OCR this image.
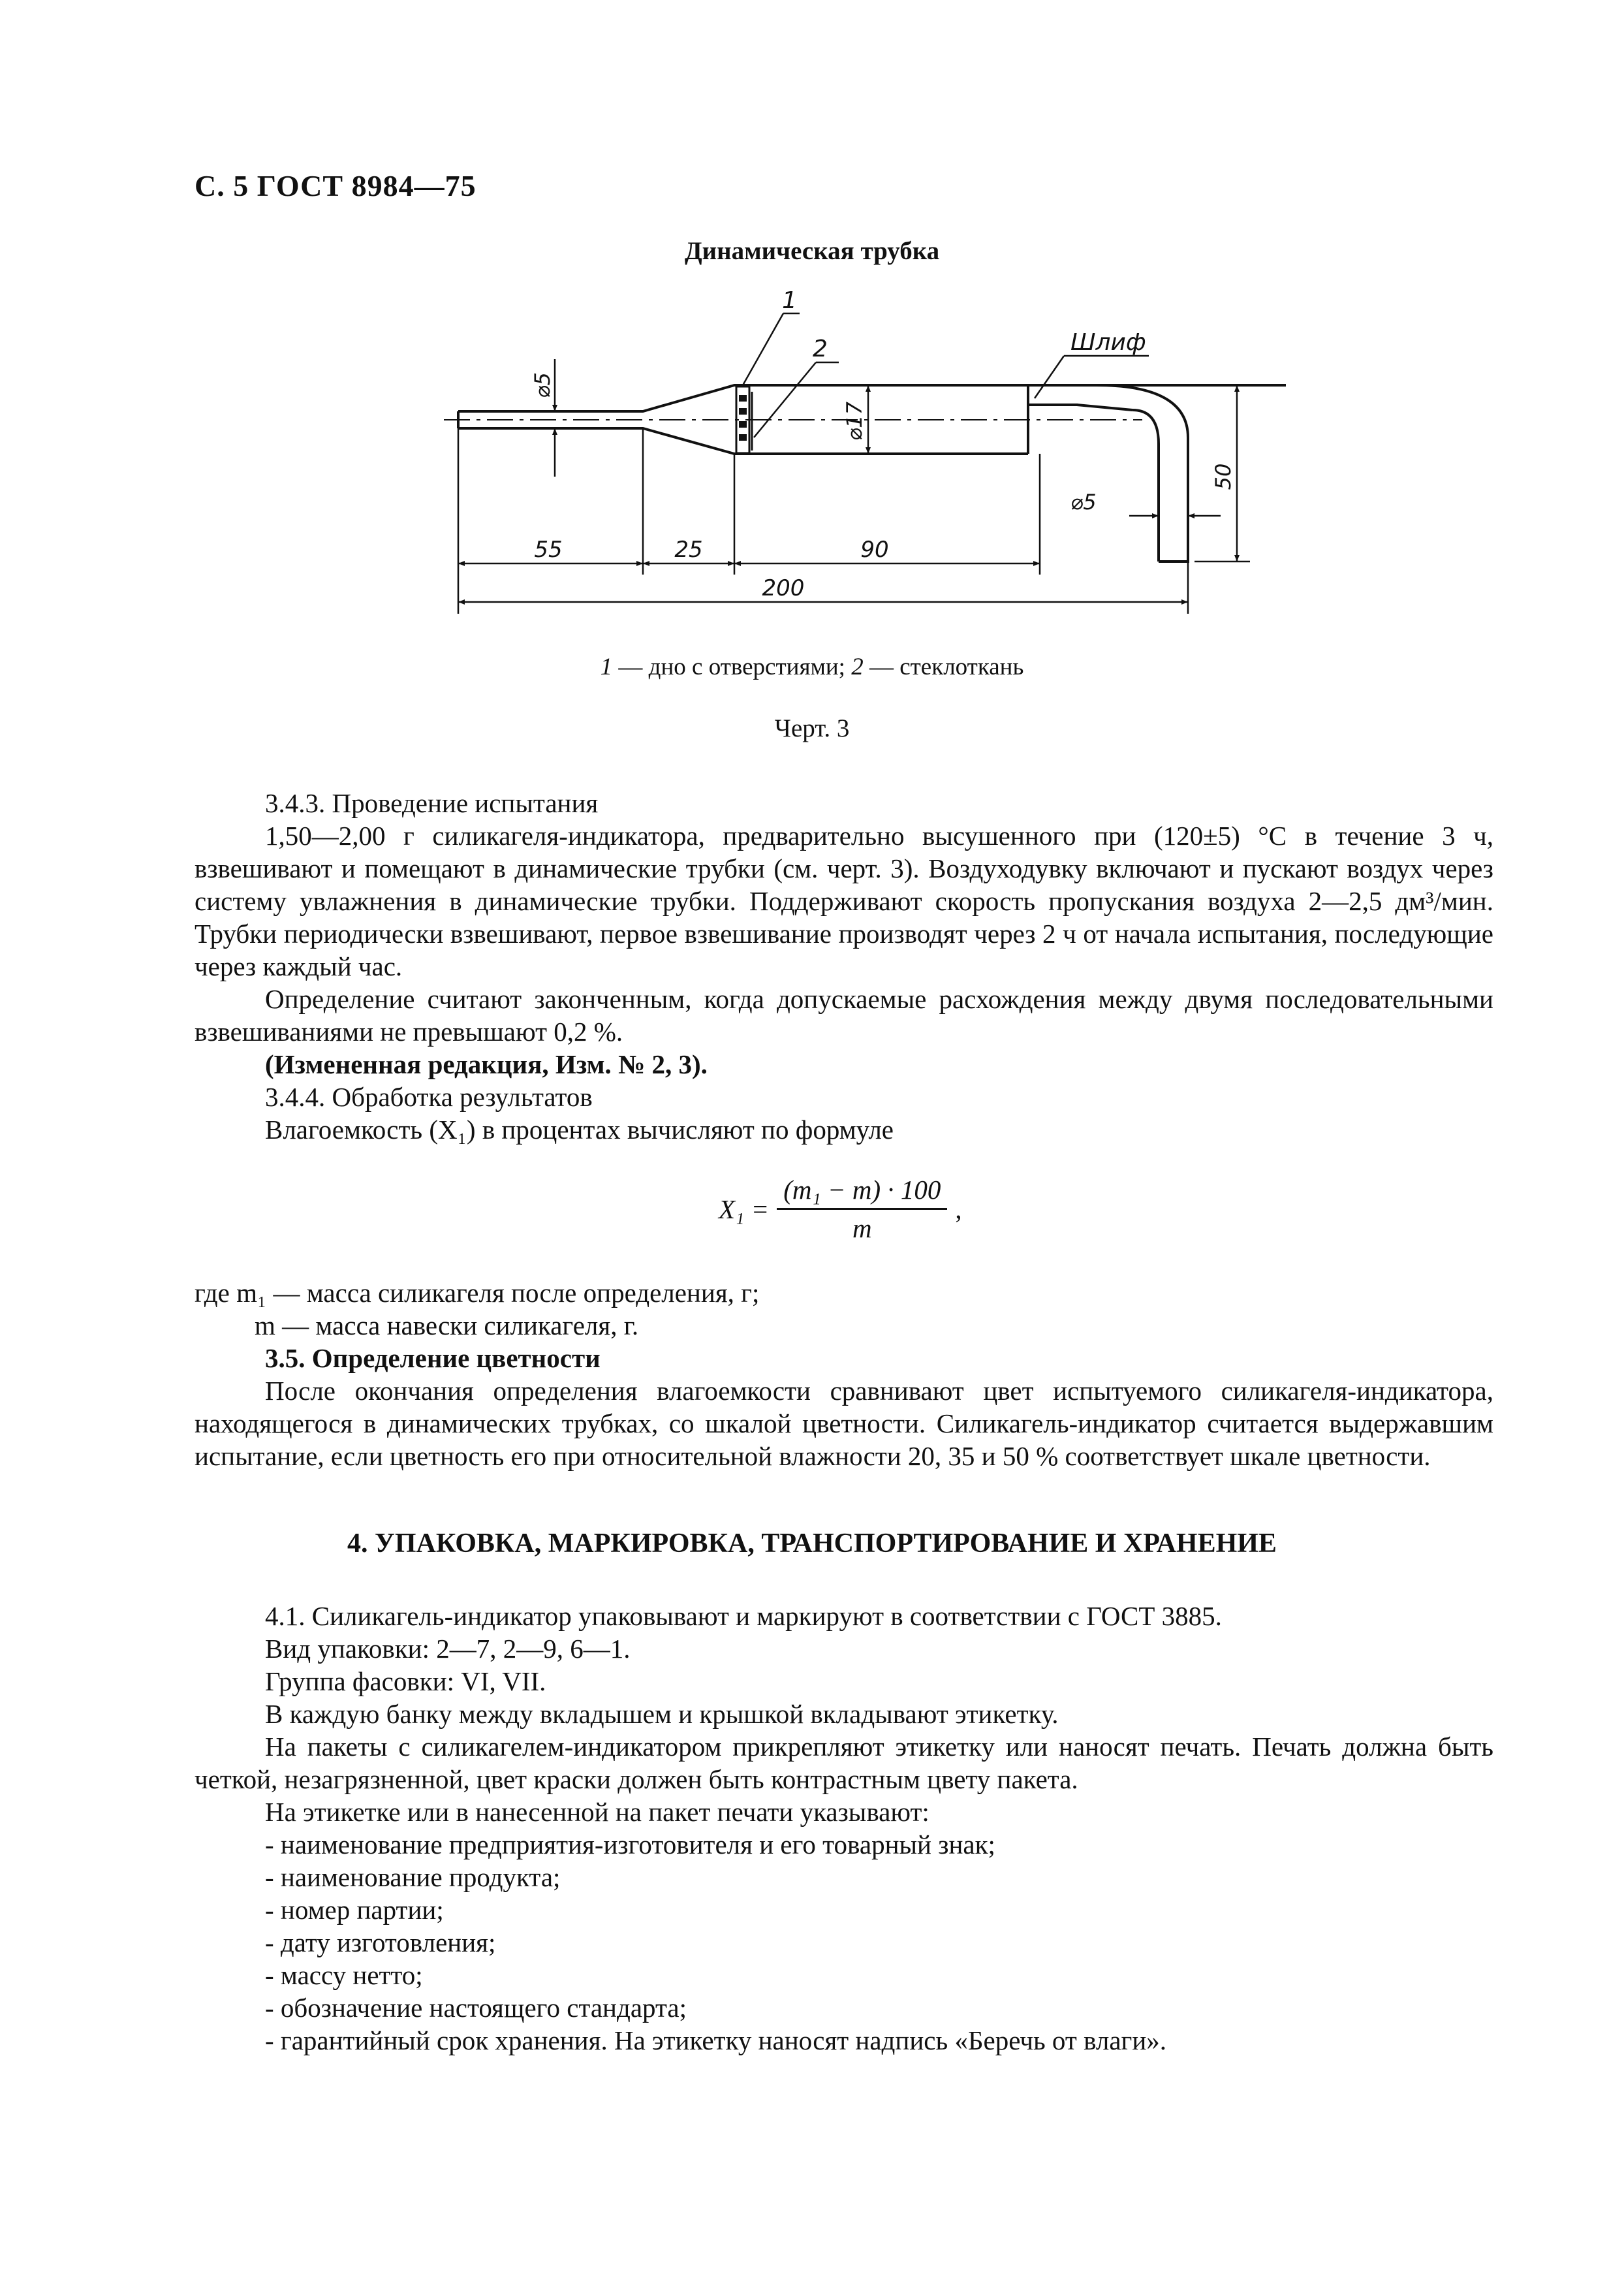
С. 5 ГОСТ 8984—75
Динамическая трубка
1
2	Шлиф
⌀5
⌀17
50
⌀5
55	25	90
200
1 — дно с отверстиями; 2 — стеклоткань
Черт. 3

3.4.3. Проведение испытания

1,50—2,00 г силикагеля-индикатора, предварительно высушенного при (120±5) °С в течение 3 ч, взвешивают и помещают в динамические трубки (см. черт. 3). Воздуходувку включают и пускают воздух через систему увлажнения в динамические трубки. Поддерживают скорость пропускания воздуха 2—2,5 дм³/мин. Трубки периодически взвешивают, первое взвешивание производят через 2 ч от начала испытания, последующие через каждый час.

Определение считают законченным, когда допускаемые расхождения между двумя последовательными взвешиваниями не превышают 0,2 %.

(Измененная редакция, Изм. № 2, 3).

3.4.4. Обработка результатов

Влагоемкость (X₁) в процентах вычисляют по формуле

X₁ =	(m₁ − m) · 100	,
m

где m₁ — масса силикагеля после определения, г;

m — масса навески силикагеля, г.

3.5. Определение цветности

После окончания определения влагоемкости сравнивают цвет испытуемого силикагеля-индикатора, находящегося в динамических трубках, со шкалой цветности. Силикагель-индикатор считается выдержавшим испытание, если цветность его при относительной влажности 20, 35 и 50 % соответствует шкале цветности.

4. УПАКОВКА, МАРКИРОВКА, ТРАНСПОРТИРОВАНИЕ И ХРАНЕНИЕ

4.1. Силикагель-индикатор упаковывают и маркируют в соответствии с ГОСТ 3885.

Вид упаковки: 2—7, 2—9, 6—1.

Группа фасовки: VI, VII.

В каждую банку между вкладышем и крышкой вкладывают этикетку.

На пакеты с силикагелем-индикатором прикрепляют этикетку или наносят печать. Печать должна быть четкой, незагрязненной, цвет краски должен быть контрастным цвету пакета.

На этикетке или в нанесенной на пакет печати указывают:

- наименование предприятия-изготовителя и его товарный знак;

- наименование продукта;

- номер партии;

- дату изготовления;

- массу нетто;

- обозначение настоящего стандарта;

- гарантийный срок хранения. На этикетку наносят надпись «Беречь от влаги».
